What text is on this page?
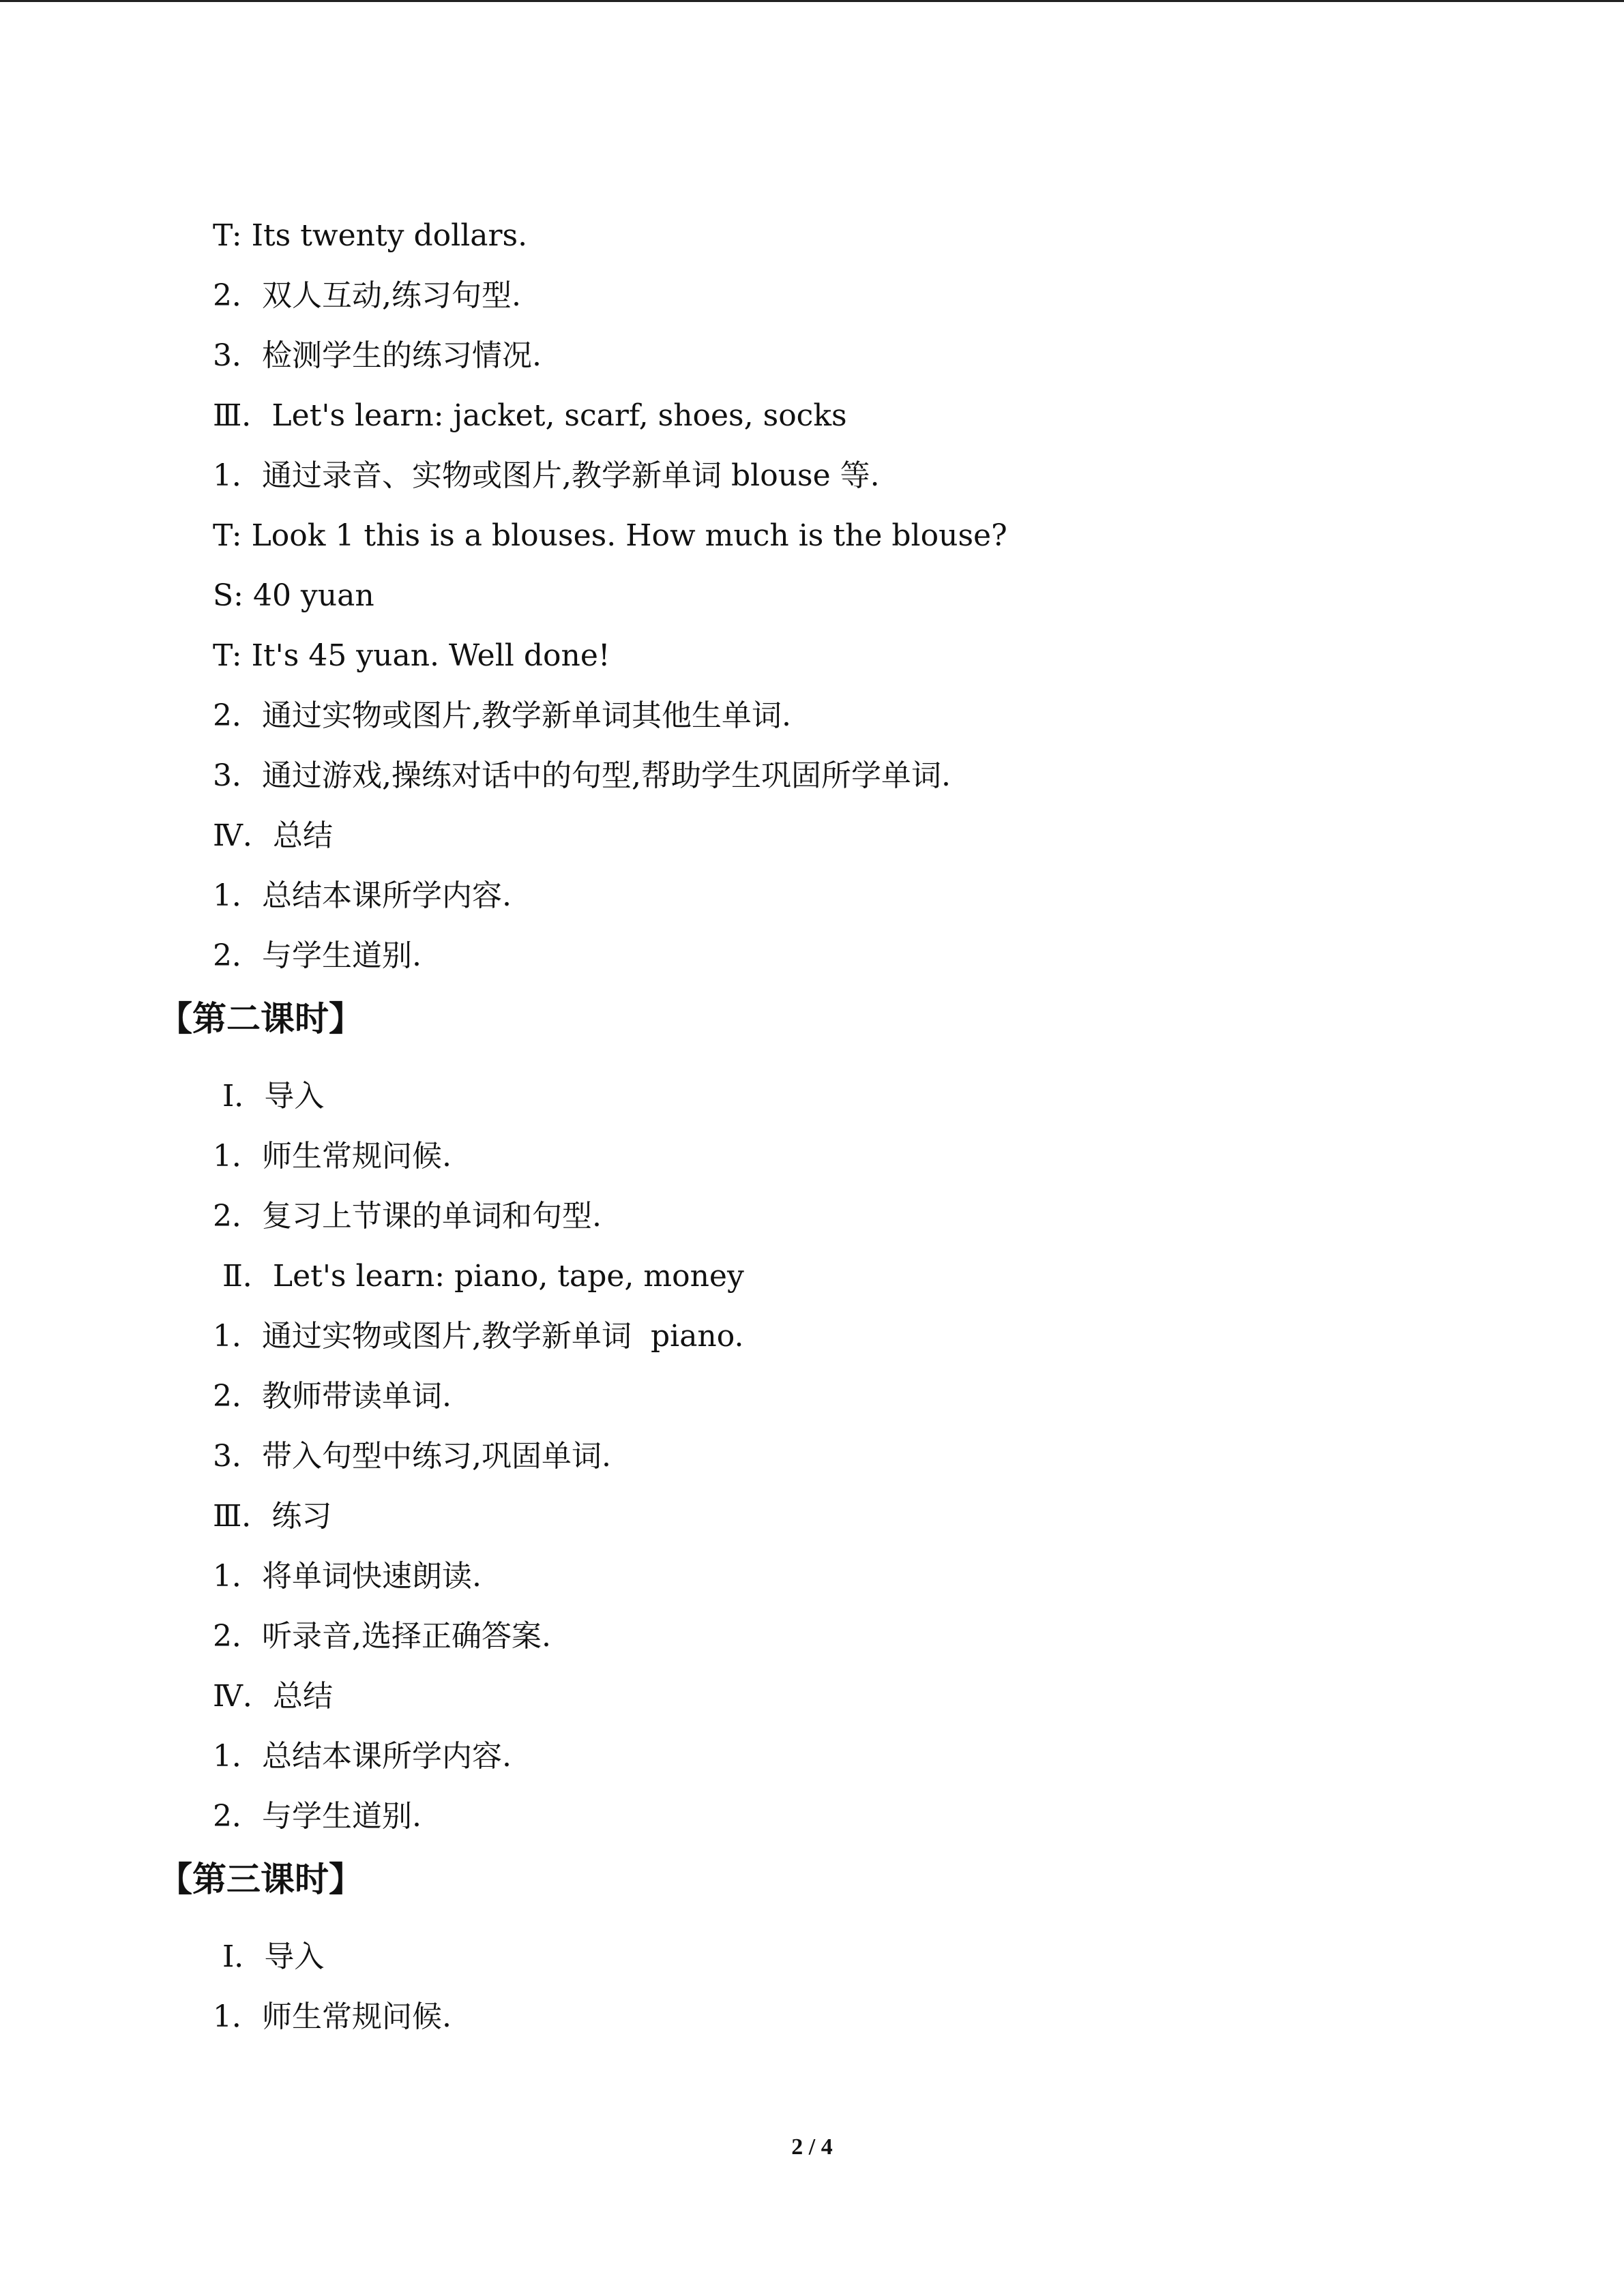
T: Its twenty dollars.
2．双人互动,练习句型.
3．检测学生的练习情况.
Ⅲ．Let's learn: jacket, scarf, shoes, socks
1．通过录音、实物或图片,教学新单词 blouse 等.
T: Look 1 this is a blouses. How much is the blouse?
S: 40 yuan
T: It's 45 yuan. Well done!
2．通过实物或图片,教学新单词其他生单词.
3．通过游戏,操练对话中的句型,帮助学生巩固所学单词.
Ⅳ．总结
1．总结本课所学内容.
2．与学生道别.
【第二课时】
Ⅰ．导入
1．师生常规问候.
2．复习上节课的单词和句型.
Ⅱ．Let's learn: piano, tape, money
1．通过实物或图片,教学新单词  piano.
2．教师带读单词.
3．带入句型中练习,巩固单词.
Ⅲ．练习
1．将单词快速朗读.
2．听录音,选择正确答案.
Ⅳ．总结
1．总结本课所学内容.
2．与学生道别.
【第三课时】
Ⅰ．导入
1．师生常规问候.
2 / 4
